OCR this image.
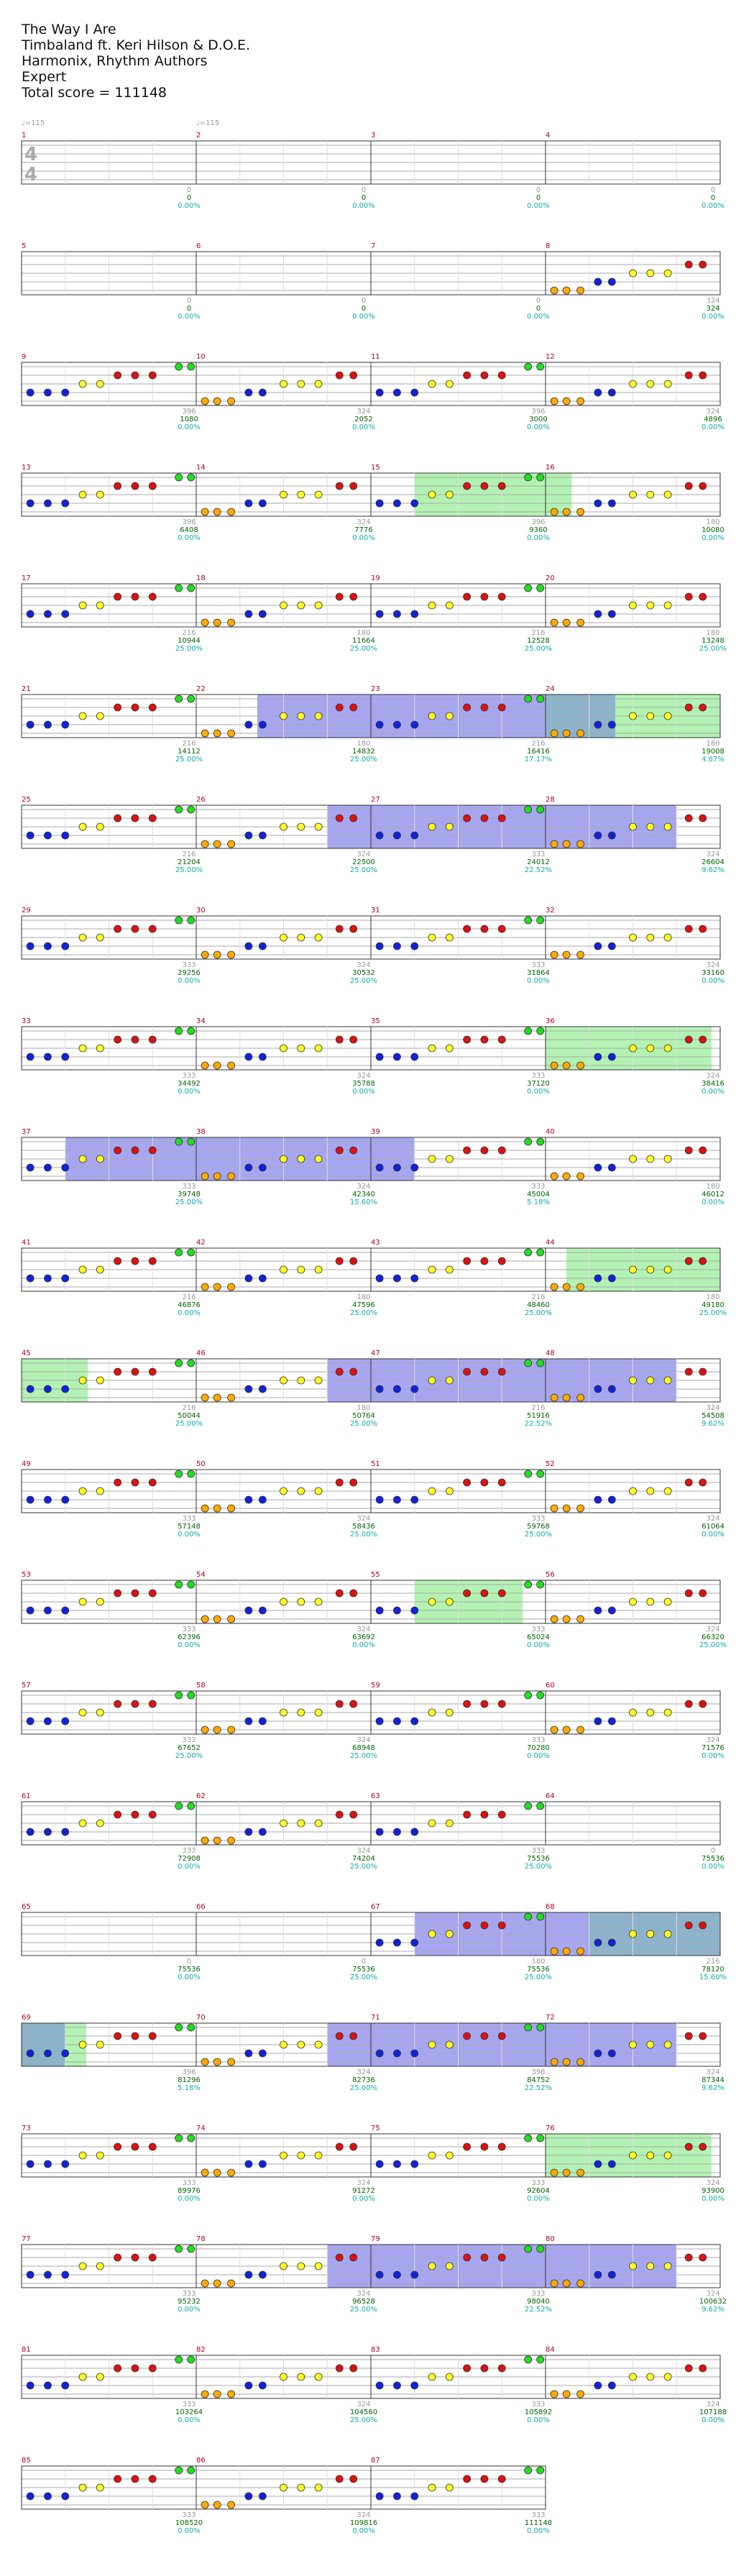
The Way I Are
Timbaland ft. Keri Hilson & D.O.E.
Harmonix, Rhythm Authors
Expert
Total score = 111148
1
0
0
0.00%
2
0
0
0.00%
3
0
0
0.00%
4
0
0
0.00%
5
0
0
0.00%
6
0
0
0.00%
7
0
0
0.00%
8
324
324
0.00%
9
396
1080
0.00%
10
324
2052
0.00%
11
396
3000
0.00%
12
324
4896
0.00%
13
396
6408
0.00%
14
324
7776
0.00%
15
396
9360
0.00%
16
180
10080
0.00%
17
216
10944
25.00%
18
180
11664
25.00%
19
216
12528
25.00%
20
180
13248
25.00%
21
216
14112
25.00%
22
180
14832
25.00%
23
216
16416
17.17%
24
180
19008
4.67%
25
216
21204
25.00%
26
324
22500
25.00%
27
333
24012
22.52%
28
324
26604
9.62%
29
333
29256
0.00%
30
324
30532
25.00%
31
333
31864
0.00%
32
324
33160
0.00%
33
333
34492
0.00%
34
324
35788
0.00%
35
333
37120
0.00%
36
324
38416
0.00%
37
333
39748
25.00%
38
324
42340
15.60%
39
333
45004
5.18%
40
180
46012
0.00%
41
216
46876
0.00%
42
180
47596
25.00%
43
216
48460
25.00%
44
180
49180
25.00%
45
216
50044
25.00%
46
180
50764
25.00%
47
216
51916
22.52%
48
324
54508
9.62%
49
333
57148
0.00%
50
324
58436
25.00%
51
333
59768
25.00%
52
324
61064
0.00%
53
333
62396
0.00%
54
324
63692
0.00%
55
333
65024
0.00%
56
324
66320
25.00%
57
333
67652
25.00%
58
324
68948
25.00%
59
333
70280
0.00%
60
324
71576
0.00%
61
333
72908
0.00%
62
324
74204
25.00%
63
333
75536
25.00%
64
0
75536
0.00%
65
0
75536
0.00%
66
0
75536
25.00%
67
180
75536
25.00%
68
216
78120
15.60%
69
396
81296
5.18%
70
324
82736
25.00%
71
396
84752
22.52%
72
324
87344
9.62%
73
333
89976
0.00%
74
324
91272
0.00%
75
333
92604
0.00%
76
324
93900
0.00%
77
333
95232
0.00%
78
324
96528
25.00%
79
333
98040
22.52%
80
324
100632
9.62%
81
333
103264
0.00%
82
324
104560
25.00%
83
333
105892
0.00%
84
324
107188
0.00%
85
333
108520
0.00%
86
324
109816
0.00%
87
333
111148
0.00%
4
4
♩=115	♩=115
